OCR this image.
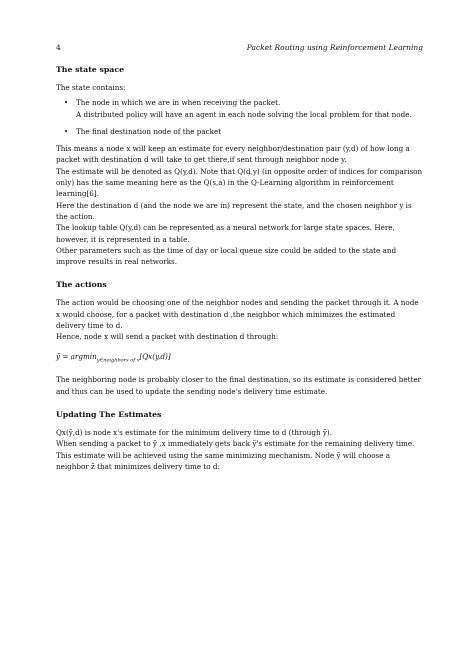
4	Packet Routing using Reinforcement Learning
The state space

The state contains:

• The node in which we are in when receiving the packet.
A distributed policy will have an agent in each node solving the local problem for that node.
• The final destination node of the packet

This means a node x will keep an estimate for every neighbor/destination pair (y,d) of how long a packet with destination d will take to get there,if sent through neighbor node y.

The estimate will be denoted as Q(y,d). Note that Q(d,y) (in opposite order of indices for comparison only) has the same meaning here as the Q(s,a) in the Q-Learning algorithm in reinforcement learning[6].

Here the destination d (and the node we are in) represent the state, and the chosen neighbor y is the action.

The lookup table Q(y,d) can be represented as a neural network for large state spaces. Here, however, it is represented in a table.

Other parameters such as the time of day or local queue size could be added to the state and improve results in real networks.

The actions

The action would be choosing one of the neighbor nodes and sending the packet through it. A node x would choose, for a packet with destination d ,the neighbor which minimizes the estimated delivery time to d.

Hence, node x will send a packet with destination d through:

ỹ = argmin$_{y\in neighbors of x}$[Qx(y,d)]

The neighboring node is probably closer to the final destination, so its estimate is considered better and thus can be used to update the sending node's delivery time estimate.

Updating The Estimates

Qx(ỹ,d) is node x's estimate for the minimum delivery time to d (through ỹ).

When sending a packet to ỹ ,x immediately gets back ỹ's estimate for the remaining delivery time.

This estimate will be achieved using the same minimizing mechanism. Node ỹ will choose a neighbor z̃ that minimizes delivery time to d:
